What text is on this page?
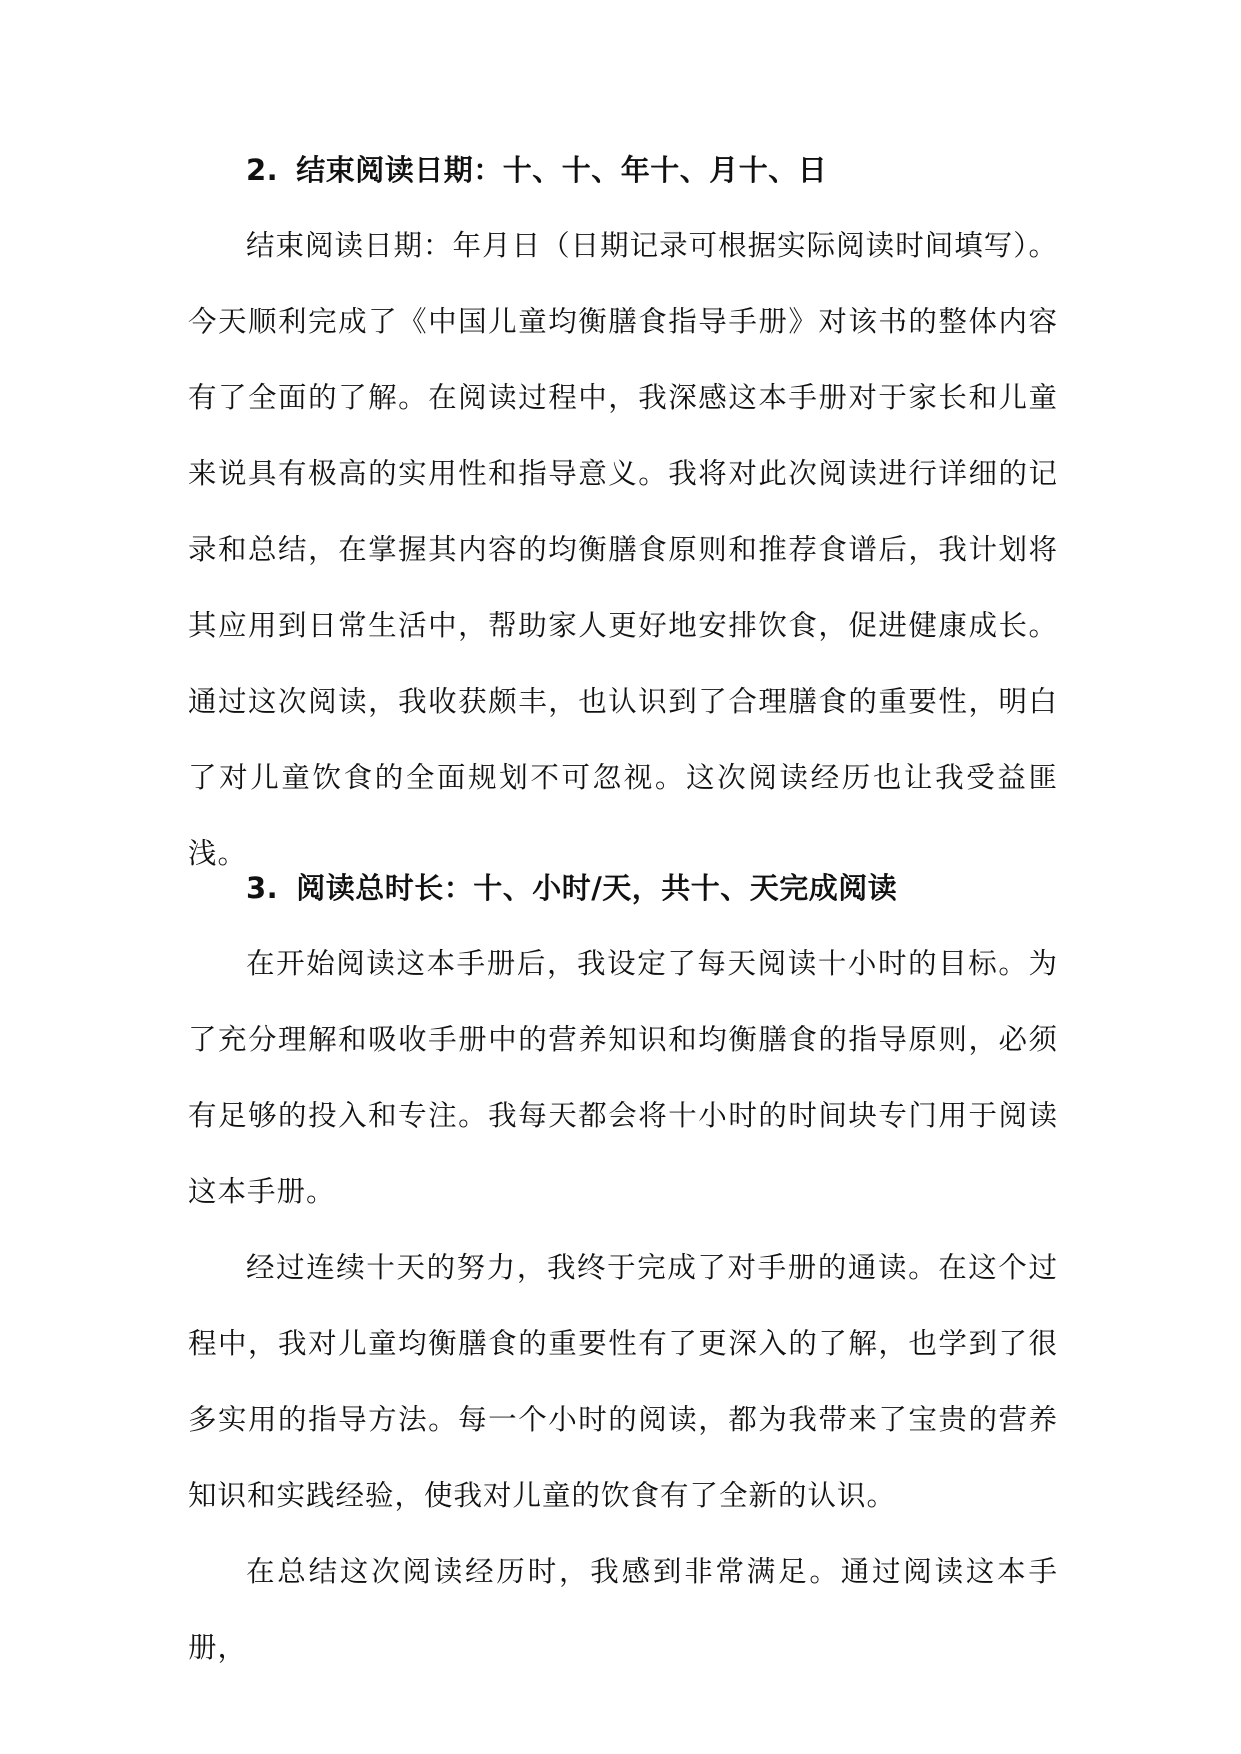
2. 结束阅读日期：十、十、年十、月十、日

结束阅读日期：年月日（日期记录可根据实际阅读时间填写）。今天顺利完成了《中国儿童均衡膳食指导手册》对该书的整体内容有了全面的了解。在阅读过程中，我深感这本手册对于家长和儿童来说具有极高的实用性和指导意义。我将对此次阅读进行详细的记录和总结，在掌握其内容的均衡膳食原则和推荐食谱后，我计划将其应用到日常生活中，帮助家人更好地安排饮食，促进健康成长。通过这次阅读，我收获颇丰，也认识到了合理膳食的重要性，明白了对儿童饮食的全面规划不可忽视。这次阅读经历也让我受益匪浅。

3. 阅读总时长：十、小时/天，共十、天完成阅读

在开始阅读这本手册后，我设定了每天阅读十小时的目标。为了充分理解和吸收手册中的营养知识和均衡膳食的指导原则，必须有足够的投入和专注。我每天都会将十小时的时间块专门用于阅读这本手册。

经过连续十天的努力，我终于完成了对手册的通读。在这个过程中，我对儿童均衡膳食的重要性有了更深入的了解，也学到了很多实用的指导方法。每一个小时的阅读，都为我带来了宝贵的营养知识和实践经验，使我对儿童的饮食有了全新的认识。

在总结这次阅读经历时，我感到非常满足。通过阅读这本手册，
